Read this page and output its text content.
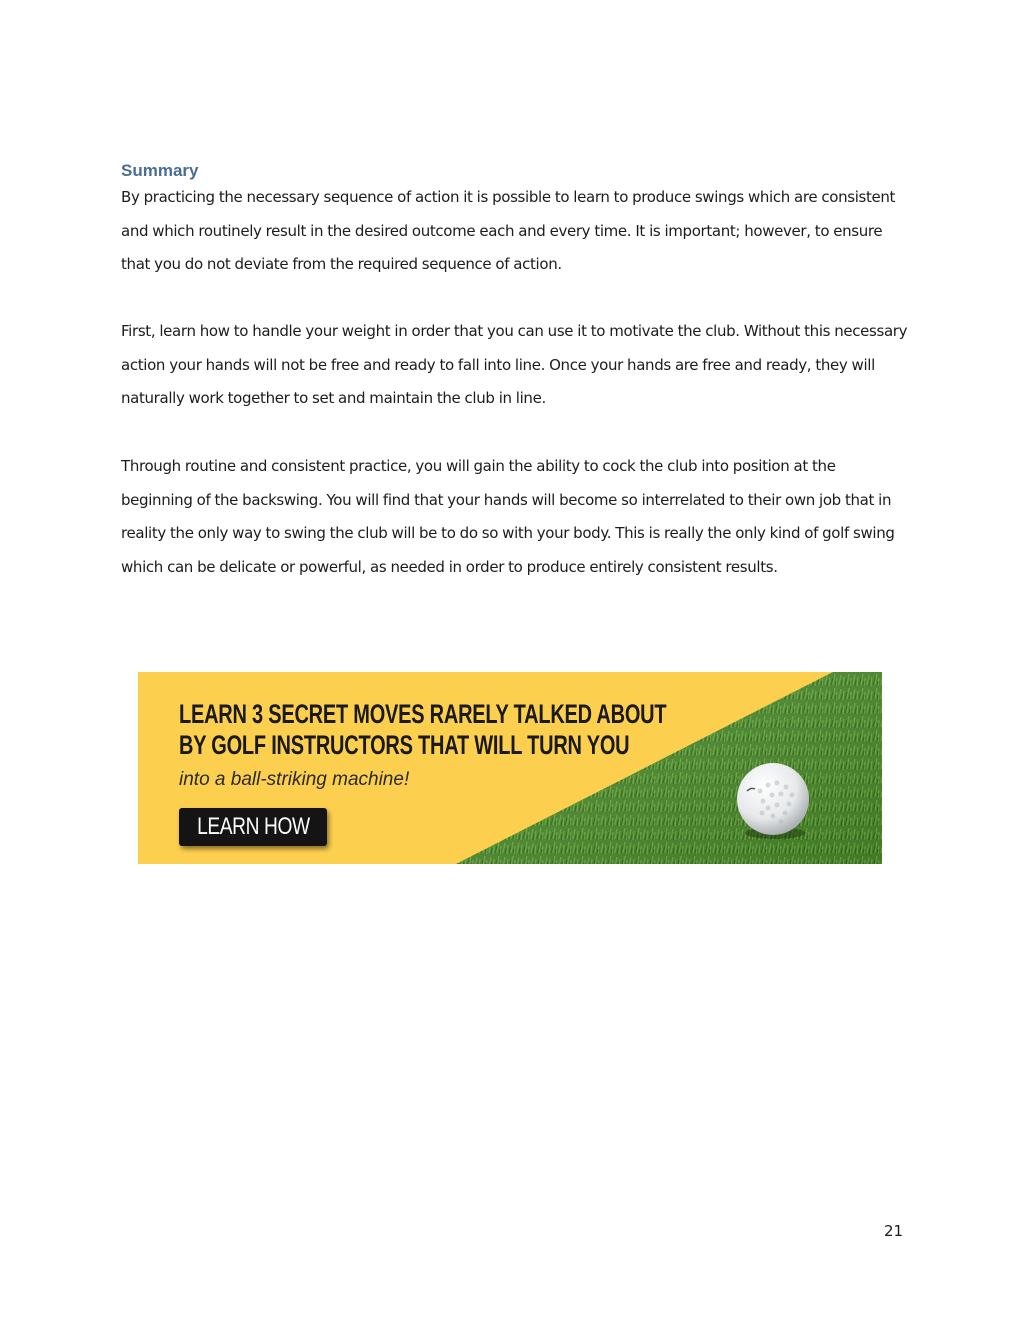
Summary

By practicing the necessary sequence of action it is possible to learn to produce swings which are consistent and which routinely result in the desired outcome each and every time. It is important; however, to ensure that you do not deviate from the required sequence of action.

First, learn how to handle your weight in order that you can use it to motivate the club. Without this necessary action your hands will not be free and ready to fall into line. Once your hands are free and ready, they will naturally work together to set and maintain the club in line.

Through routine and consistent practice, you will gain the ability to cock the club into position at the beginning of the backswing. You will find that your hands will become so interrelated to their own job that in reality the only way to swing the club will be to do so with your body. This is really the only kind of golf swing which can be delicate or powerful, as needed in order to produce entirely consistent results.

LEARN 3 SECRET MOVES RARELY TALKED ABOUT
BY GOLF INSTRUCTORS THAT WILL TURN YOU

into a ball-striking machine!

LEARN HOW

21
